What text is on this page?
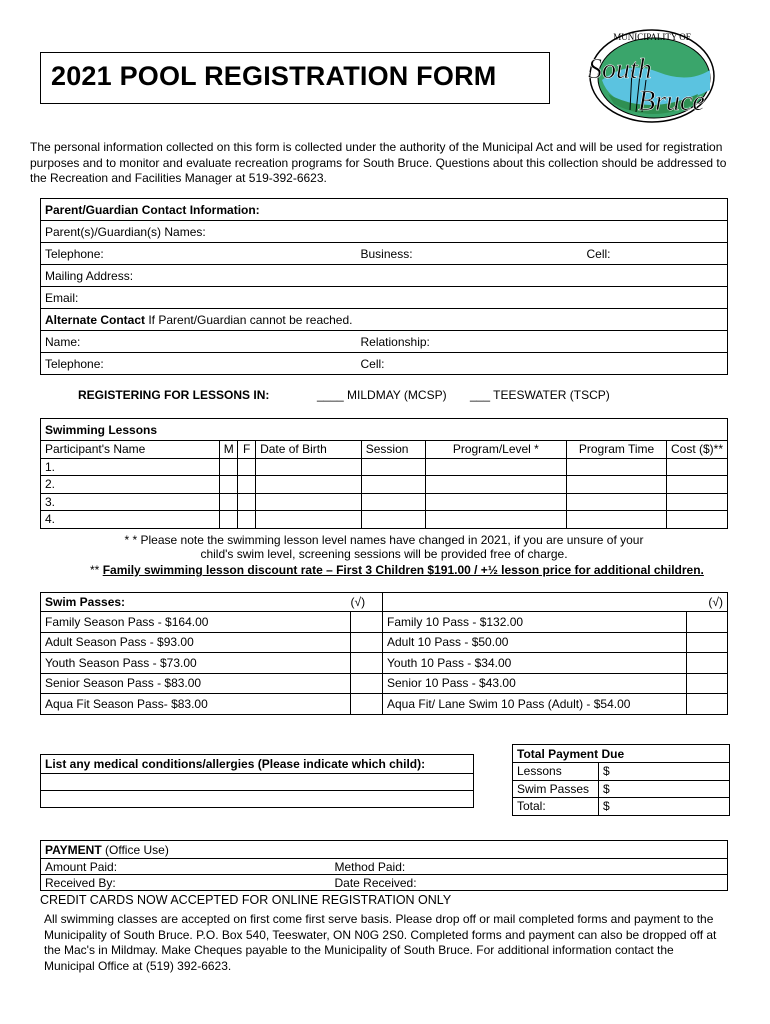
2021 POOL REGISTRATION FORM
MUNICIPALITY OF
South
Bruce
The personal information collected on this form is collected under the authority of the Municipal Act and will be used for registration purposes and to monitor and evaluate recreation programs for South Bruce. Questions about this collection should be addressed to the Recreation and Facilities Manager at 519-392-6623.
Parent/Guardian Contact Information:		
Parent(s)/Guardian(s) Names:		
Telephone:	Business:	Cell:
Mailing Address:		
Email:		
Alternate Contact If Parent/Guardian cannot be reached.		
Name:	Relationship:	
Telephone:	Cell:	
REGISTERING FOR LESSONS IN:	____ MILDMAY (MCSP) ___ TEESWATER (TSCP)
Swimming Lessons							
Participant's Name	M	F	Date of Birth	Session	Program/Level *	Program Time	Cost ($)**
1.							
2.							
3.							
4.							
* * Please note the swimming lesson level names have changed in 2021, if you are unsure of your
child's swim level, screening sessions will be provided free of charge.
** Family swimming lesson discount rate – First 3 Children $191.00 / +½ lesson price for additional children.
Swim Passes:	(√)		(√)
Family Season Pass - $164.00		Family 10 Pass - $132.00	
Adult Season Pass - $93.00		Adult 10 Pass - $50.00	
Youth Season Pass - $73.00		Youth 10 Pass - $34.00	
Senior Season Pass - $83.00		Senior 10 Pass - $43.00	
Aqua Fit Season Pass- $83.00		Aqua Fit/ Lane Swim 10 Pass (Adult) - $54.00	
List any medical conditions/allergies (Please indicate which child):

Total Payment Due	
Lessons	$
Swim Passes	$
Total:	$
PAYMENT (Office Use)	
Amount Paid:	Method Paid:
Received By:	Date Received:
CREDIT CARDS NOW ACCEPTED FOR ONLINE REGISTRATION ONLY
All swimming classes are accepted on first come first serve basis. Please drop off or mail completed forms and payment to the Municipality of South Bruce. P.O. Box 540, Teeswater, ON N0G 2S0. Completed forms and payment can also be dropped off at the Mac's in Mildmay. Make Cheques payable to the Municipality of South Bruce. For additional information contact the Municipal Office at (519) 392-6623.
